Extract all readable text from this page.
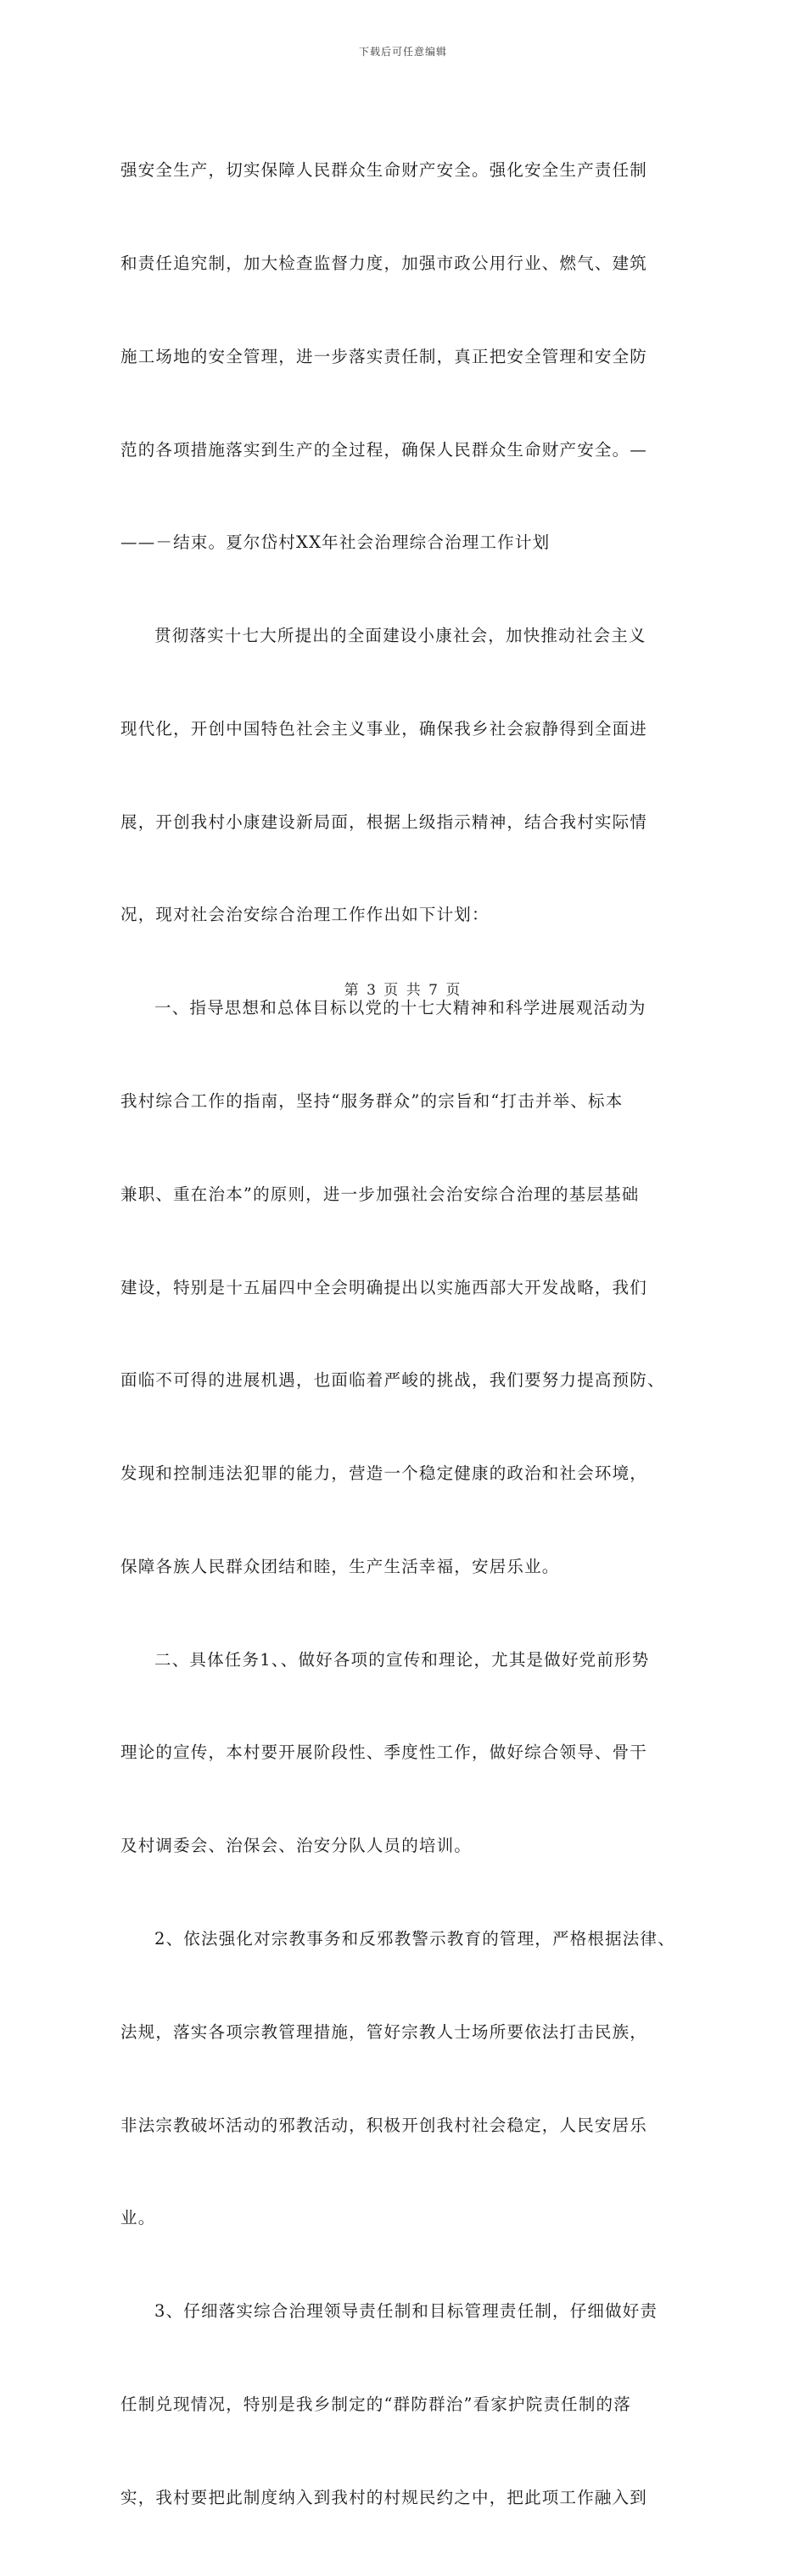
下载后可任意编辑

强安全生产，切实保障人民群众生命财产安全。强化安全生产责任制

和责任追究制，加大检查监督力度，加强市政公用行业、燃气、建筑

施工场地的安全管理，进一步落实责任制，真正把安全管理和安全防

范的各项措施落实到生产的全过程，确保人民群众生命财产安全。—

——－结束。夏尔岱村XX年社会治理综合治理工作计划

贯彻落实十七大所提出的全面建设小康社会，加快推动社会主义

现代化，开创中国特色社会主义事业，确保我乡社会寂静得到全面进

展，开创我村小康建设新局面，根据上级指示精神，结合我村实际情

况，现对社会治安综合治理工作作出如下计划：

一、指导思想和总体目标以党的十七大精神和科学进展观活动为

我村综合工作的指南，坚持“服务群众”的宗旨和“打击并举、标本

兼职、重在治本”的原则，进一步加强社会治安综合治理的基层基础

建设，特别是十五届四中全会明确提出以实施西部大开发战略，我们

面临不可得的进展机遇，也面临着严峻的挑战，我们要努力提高预防、

发现和控制违法犯罪的能力，营造一个稳定健康的政治和社会环境，

保障各族人民群众团结和睦，生产生活幸福，安居乐业。

二、具体任务1、、做好各项的宣传和理论，尤其是做好党前形势

理论的宣传，本村要开展阶段性、季度性工作，做好综合领导、骨干

及村调委会、治保会、治安分队人员的培训。

2、依法强化对宗教事务和反邪教警示教育的管理，严格根据法律、

法规，落实各项宗教管理措施，管好宗教人士场所要依法打击民族，

非法宗教破坏活动的邪教活动，积极开创我村社会稳定，人民安居乐

业。

3、仔细落实综合治理领导责任制和目标管理责任制，仔细做好责

任制兑现情况，特别是我乡制定的“群防群治”看家护院责任制的落

实，我村要把此制度纳入到我村的村规民约之中，把此项工作融入到

第 3 页 共 7 页
